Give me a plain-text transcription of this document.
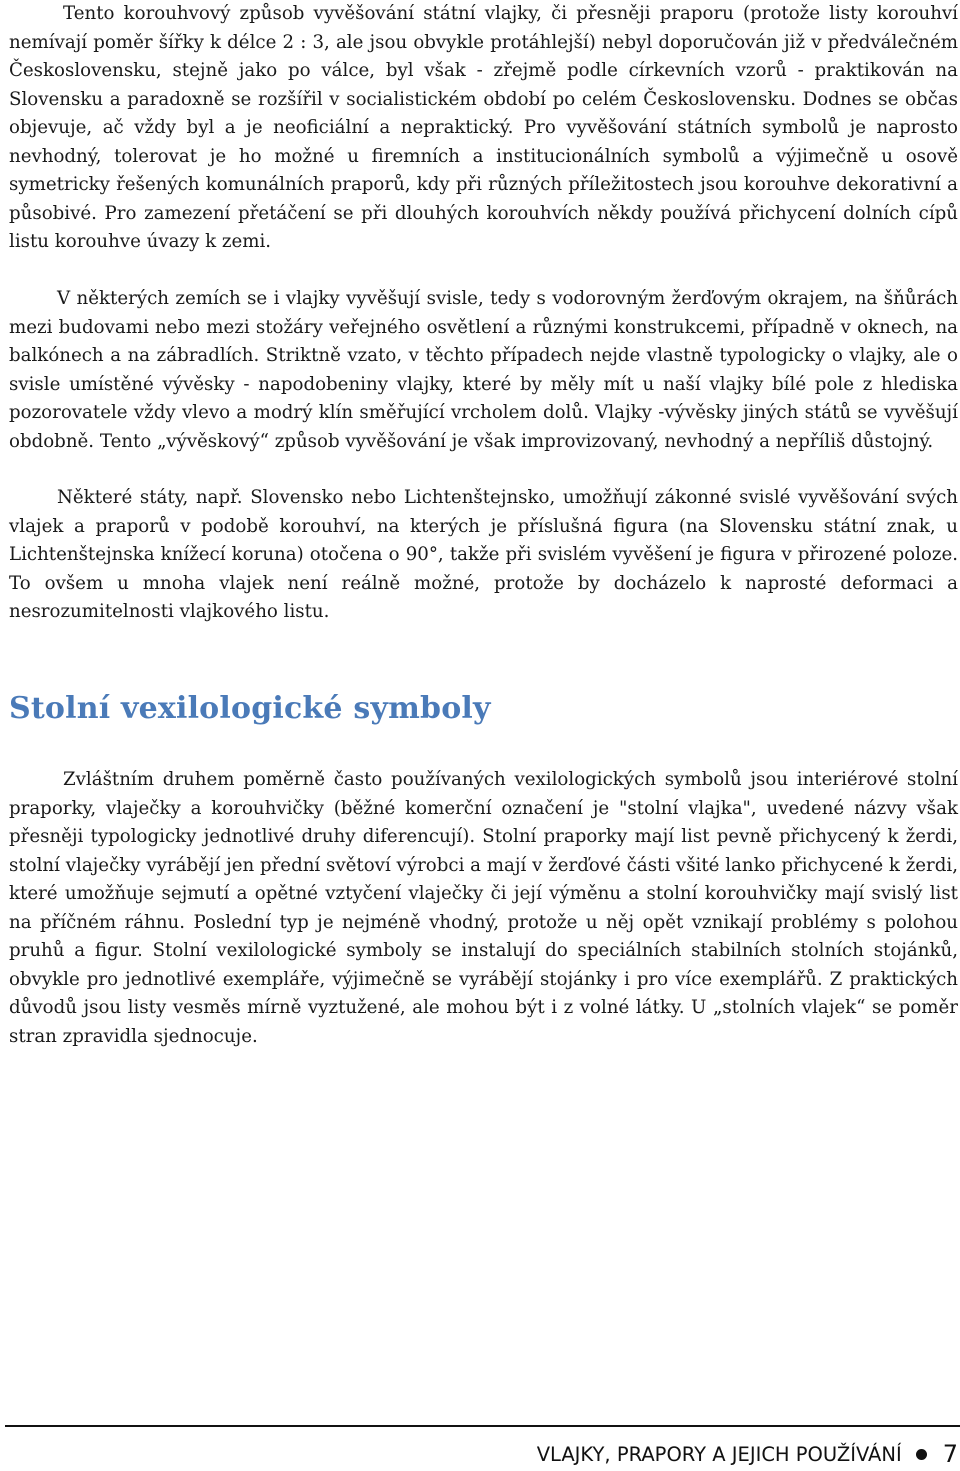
Tento korouhvový způsob vyvěšování státní vlajky, či přesněji praporu (protože listy korouhví nemívají poměr šířky k délce 2 : 3, ale jsou obvykle protáhlejší) nebyl doporučován již v předválečném Československu, stejně jako po válce, byl však - zřejmě podle církevních vzorů - praktikován na Slovensku a paradoxně se rozšířil v socialistickém období po celém Československu. Dodnes se občas objevuje, ač vždy byl a je neoficiální a nepraktický. Pro vyvěšování státních symbolů je naprosto nevhodný, tolerovat je ho možné u firemních a institucionálních symbolů a výjimečně u osově symetricky řešených komunálních praporů, kdy při různých příležitostech jsou korouhve dekorativní a působivé. Pro zamezení přetáčení se při dlouhých korouhvích někdy používá přichycení dolních cípů listu korouhve úvazy k zemi.

V některých zemích se i vlajky vyvěšují svisle, tedy s vodorovným žerďovým okrajem, na šňůrách mezi budovami nebo mezi stožáry veřejného osvětlení a různými konstrukcemi, případně v oknech, na balkónech a na zábradlích. Striktně vzato, v těchto případech nejde vlastně typologicky o vlajky, ale o svisle umístěné vývěsky - napodobeniny vlajky, které by měly mít u naší vlajky bílé pole z hlediska pozorovatele vždy vlevo a modrý klín směřující vrcholem dolů. Vlajky -vývěsky jiných států se vyvěšují obdobně. Tento „vývěskový“ způsob vyvěšování je však improvizovaný, nevhodný a nepříliš důstojný.

Některé státy, např. Slovensko nebo Lichtenštejnsko, umožňují zákonné svislé vyvěšování svých vlajek a praporů v podobě korouhví, na kterých je příslušná figura (na Slovensku státní znak, u Lichtenštejnska knížecí koruna) otočena o 90°, takže při svislém vyvěšení je figura v přirozené poloze. To ovšem u mnoha vlajek není reálně možné, protože by docházelo k naprosté deformaci a nesrozumitelnosti vlajkového listu.

Stolní vexilologické symboly

Zvláštním druhem poměrně často používaných vexilologických symbolů jsou interiérové stolní praporky, vlaječky a korouhvičky (běžné komerční označení je "stolní vlajka", uvedené názvy však přesněji typologicky jednotlivé druhy diferencují). Stolní praporky mají list pevně přichycený k žerdi, stolní vlaječky vyrábějí jen přední světoví výrobci a mají v žerďové části všité lanko přichycené k žerdi, které umožňuje sejmutí a opětné vztyčení vlaječky či její výměnu a stolní korouhvičky mají svislý list na příčném ráhnu. Poslední typ je nejméně vhodný, protože u něj opět vznikají problémy s polohou pruhů a figur. Stolní vexilologické symboly se instalují do speciálních stabilních stolních stojánků, obvykle pro jednotlivé exempláře, výjimečně se vyrábějí stojánky i pro více exemplářů. Z praktických důvodů jsou listy vesměs mírně vyztužené, ale mohou být i z volné látky. U „stolních vlajek“ se poměr stran zpravidla sjednocuje.

VLAJKY, PRAPORY A JEJICH POUŽÍVÁNÍ 7
